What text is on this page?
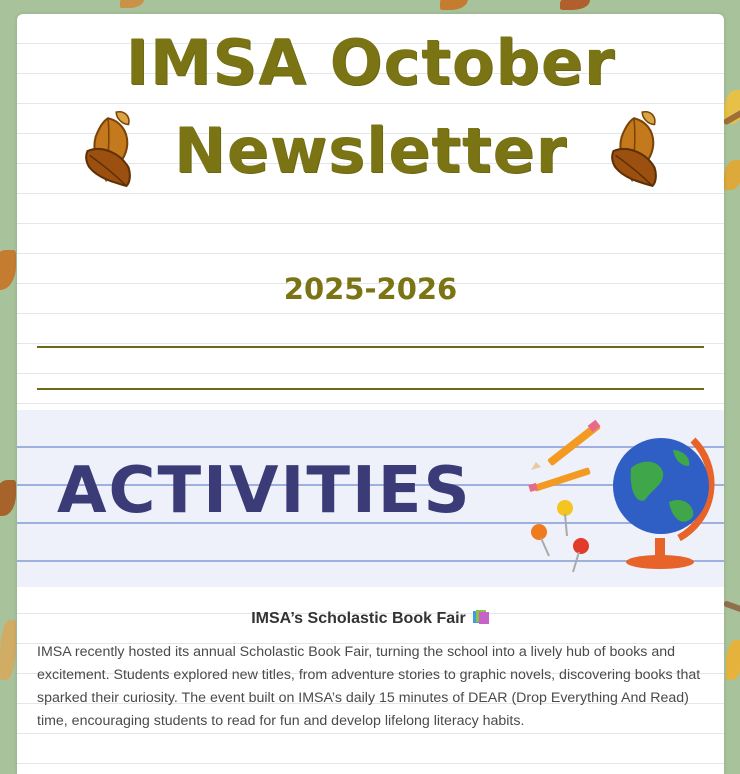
IMSA October
Newsletter
2025-2026
ACTIVITIES
IMSA’s Scholastic Book Fair

IMSA recently hosted its annual Scholastic Book Fair, turning the school into a lively hub of books and excitement. Students explored new titles, from adventure stories to graphic novels, discovering books that sparked their curiosity. The event built on IMSA’s daily 15 minutes of DEAR (Drop Everything And Read) time, encouraging students to read for fun and develop lifelong literacy habits.
